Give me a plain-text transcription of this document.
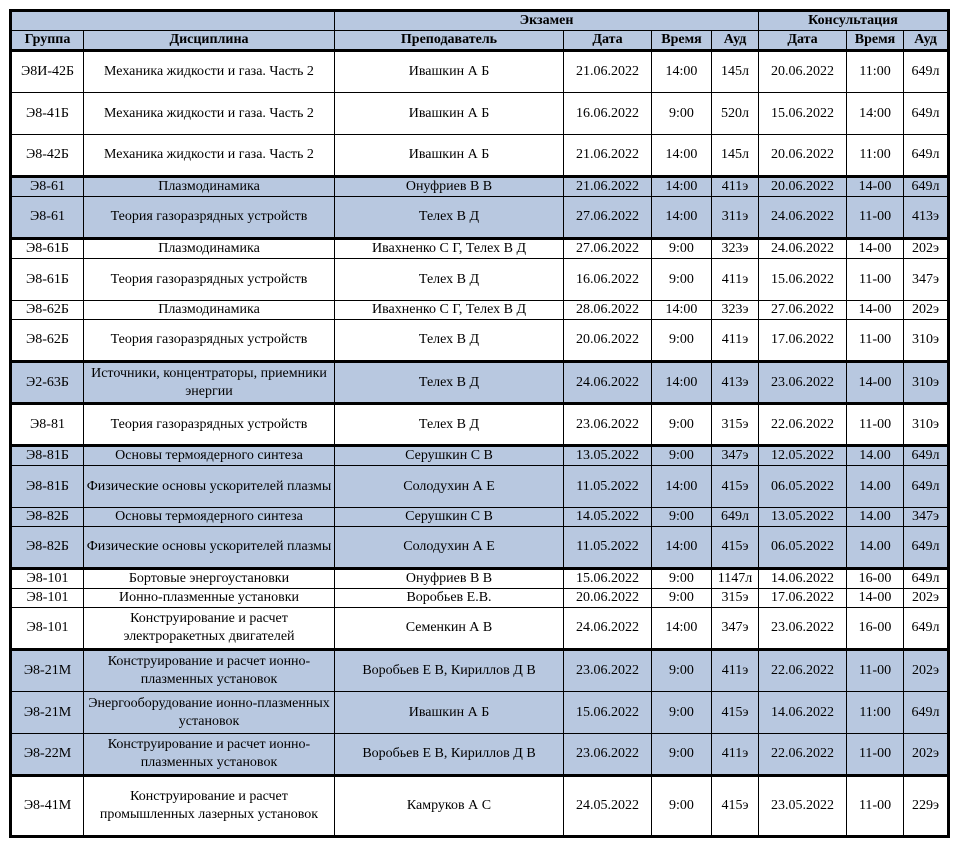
		Экзамен				Консультация		
Группа	Дисциплина	Преподаватель	Дата	Время	Ауд	Дата	Время	Ауд
Э8И-42Б	Механика жидкости и газа. Часть 2	Ивашкин А Б	21.06.2022	14:00	145л	20.06.2022	11:00	649л
Э8-41Б	Механика жидкости и газа. Часть 2	Ивашкин А Б	16.06.2022	9:00	520л	15.06.2022	14:00	649л
Э8-42Б	Механика жидкости и газа. Часть 2	Ивашкин А Б	21.06.2022	14:00	145л	20.06.2022	11:00	649л
Э8-61	Плазмодинамика	Онуфриев В В	21.06.2022	14:00	411э	20.06.2022	14-00	649л
Э8-61	Теория газоразрядных устройств	Телех В Д	27.06.2022	14:00	311э	24.06.2022	11-00	413э
Э8-61Б	Плазмодинамика	Ивахненко С Г, Телех В Д	27.06.2022	9:00	323э	24.06.2022	14-00	202э
Э8-61Б	Теория газоразрядных устройств	Телех В Д	16.06.2022	9:00	411э	15.06.2022	11-00	347э
Э8-62Б	Плазмодинамика	Ивахненко С Г, Телех В Д	28.06.2022	14:00	323э	27.06.2022	14-00	202э
Э8-62Б	Теория газоразрядных устройств	Телех В Д	20.06.2022	9:00	411э	17.06.2022	11-00	310э
Э2-63Б	Источники, концентраторы, приемники энергии	Телех В Д	24.06.2022	14:00	413э	23.06.2022	14-00	310э
Э8-81	Теория газоразрядных устройств	Телех В Д	23.06.2022	9:00	315э	22.06.2022	11-00	310э
Э8-81Б	Основы термоядерного синтеза	Серушкин С В	13.05.2022	9:00	347э	12.05.2022	14.00	649л
Э8-81Б	Физические основы ускорителей плазмы	Солодухин А Е	11.05.2022	14:00	415э	06.05.2022	14.00	649л
Э8-82Б	Основы термоядерного синтеза	Серушкин С В	14.05.2022	9:00	649л	13.05.2022	14.00	347э
Э8-82Б	Физические основы ускорителей плазмы	Солодухин А Е	11.05.2022	14:00	415э	06.05.2022	14.00	649л
Э8-101	Бортовые энергоустановки	Онуфриев В В	15.06.2022	9:00	1147л	14.06.2022	16-00	649л
Э8-101	Ионно-плазменные установки	Воробьев Е.В.	20.06.2022	9:00	315э	17.06.2022	14-00	202э
Э8-101	Конструирование и расчет электроракетных двигателей	Семенкин А В	24.06.2022	14:00	347э	23.06.2022	16-00	649л
Э8-21М	Конструирование и расчет ионно-плазменных установок	Воробьев Е В, Кириллов Д В	23.06.2022	9:00	411э	22.06.2022	11-00	202э
Э8-21М	Энергооборудование ионно-плазменных установок	Ивашкин А Б	15.06.2022	9:00	415э	14.06.2022	11:00	649л
Э8-22М	Конструирование и расчет ионно-плазменных установок	Воробьев Е В, Кириллов Д В	23.06.2022	9:00	411э	22.06.2022	11-00	202э
Э8-41М	Конструирование и расчет промышленных лазерных установок	Камруков А С	24.05.2022	9:00	415э	23.05.2022	11-00	229э
